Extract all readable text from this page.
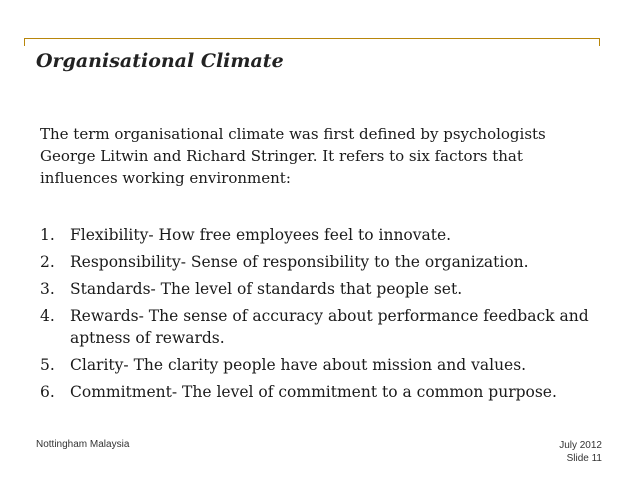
Organisational Climate
The term organisational climate was first defined by psychologists
George Litwin and Richard Stringer. It refers to six factors that
influences working environment:
1. Flexibility- How free employees feel to innovate.
2. Responsibility- Sense of responsibility to the organization.
3. Standards- The level of standards that people set.
4. Rewards- The sense of accuracy about performance feedback and aptness of rewards.
5. Clarity- The clarity people have about mission and values.
6. Commitment- The level of commitment to a common purpose.
Nottingham Malaysia	July 2012
Slide 11
